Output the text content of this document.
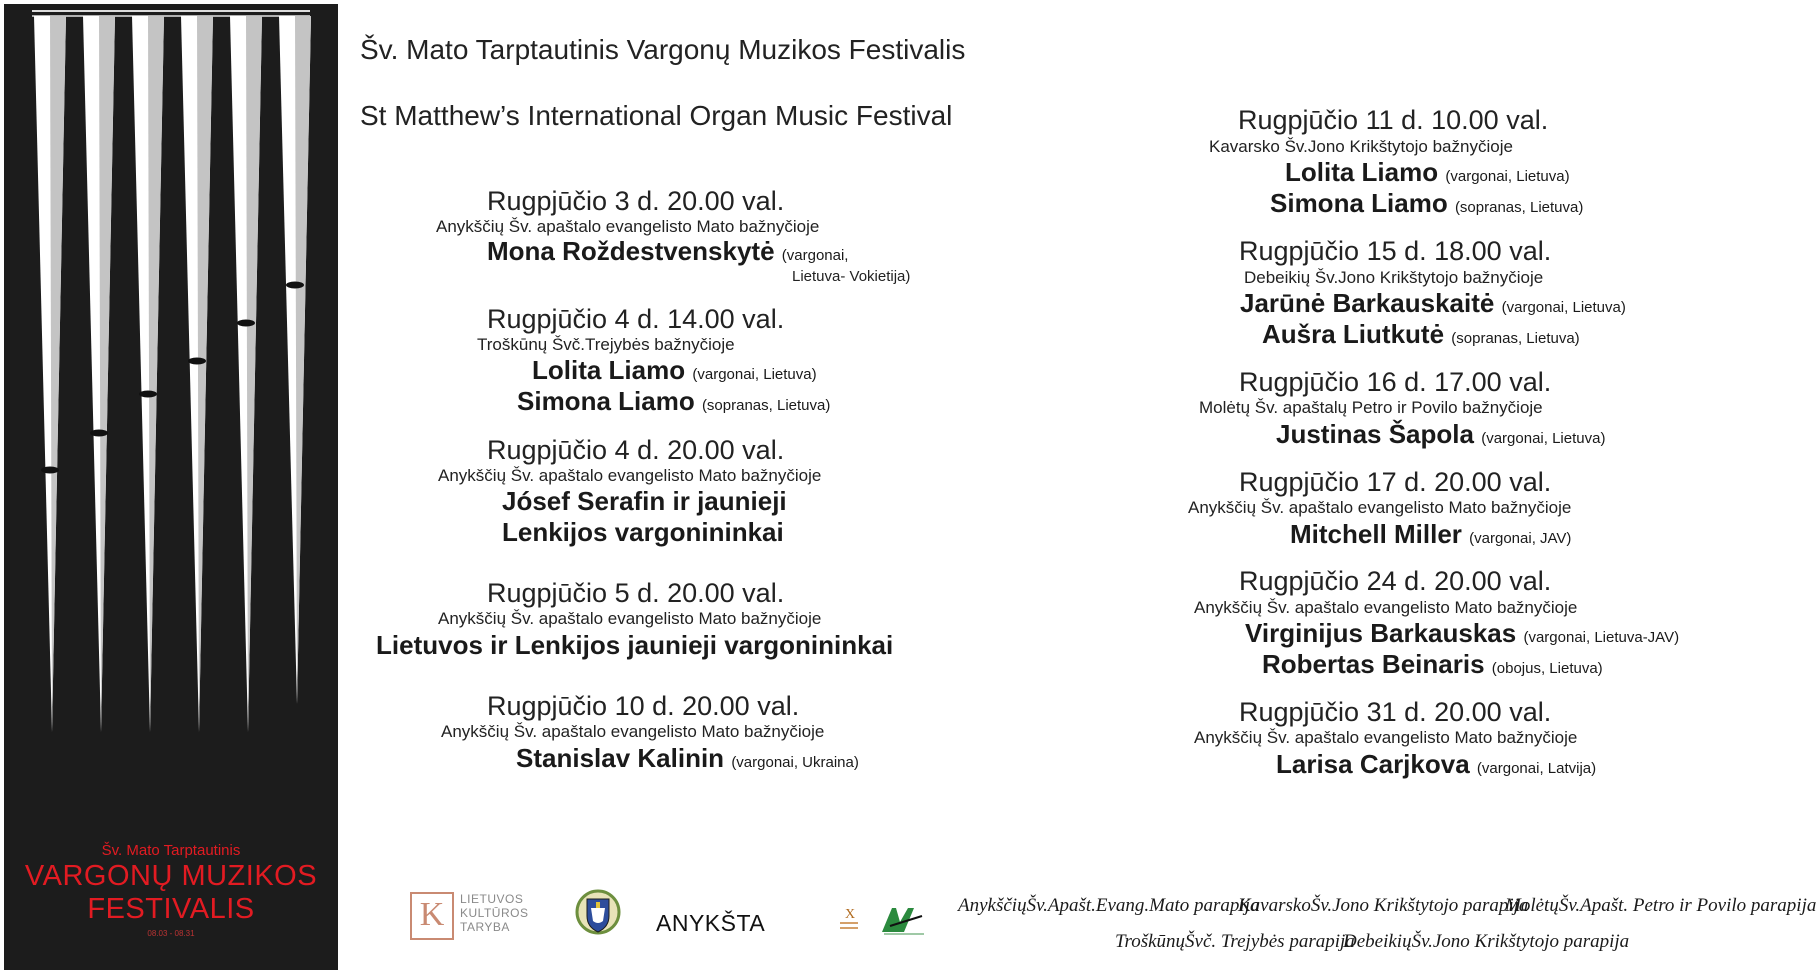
Šv. Mato Tarptautinis
VARGONŲ MUZIKOS
FESTIVALIS
08.03 - 08.31
Šv. Mato Tarptautinis Vargonų Muzikos Festivalis
St Matthew’s International Organ Music Festival
Rugpjūčio 3 d. 20.00 val.
Anykščių Šv. apaštalo evangelisto Mato bažnyčioje
Mona Roždestvenskytė (vargonai,
Lietuva- Vokietija)
Rugpjūčio 4 d. 14.00 val.
Troškūnų Švč.Trejybės bažnyčioje
Lolita Liamo (vargonai, Lietuva)
Simona Liamo (sopranas, Lietuva)
Rugpjūčio 4 d. 20.00 val.
Anykščių Šv. apaštalo evangelisto Mato bažnyčioje
Jósef Serafin ir jaunieji
Lenkijos vargonininkai
Rugpjūčio 5 d. 20.00 val.
Anykščių Šv. apaštalo evangelisto Mato bažnyčioje
Lietuvos ir Lenkijos jaunieji vargonininkai
Rugpjūčio 10 d. 20.00 val.
Anykščių Šv. apaštalo evangelisto Mato bažnyčioje
Stanislav Kalinin (vargonai, Ukraina)
Rugpjūčio 11 d. 10.00 val.
Kavarsko Šv.Jono Krikštytojo bažnyčioje
Lolita Liamo (vargonai, Lietuva)
Simona Liamo (sopranas, Lietuva)
Rugpjūčio 15 d. 18.00 val.
Debeikių Šv.Jono Krikštytojo bažnyčioje
Jarūnė Barkauskaitė (vargonai, Lietuva)
Aušra Liutkutė (sopranas, Lietuva)
Rugpjūčio 16 d. 17.00 val.
Molėtų Šv. apaštalų Petro ir Povilo bažnyčioje
Justinas Šapola (vargonai, Lietuva)
Rugpjūčio 17 d. 20.00 val.
Anykščių Šv. apaštalo evangelisto Mato bažnyčioje
Mitchell Miller (vargonai, JAV)
Rugpjūčio 24 d. 20.00 val.
Anykščių Šv. apaštalo evangelisto Mato bažnyčioje
Virginijus Barkauskas (vargonai, Lietuva-JAV)
Robertas Beinaris (obojus, Lietuva)
Rugpjūčio 31 d. 20.00 val.
Anykščių Šv. apaštalo evangelisto Mato bažnyčioje
Larisa Carjkova (vargonai, Latvija)
K	LIETUVOS
KULTŪROS
TARYBA	ANYKŠTA	X	AnykščiųŠv.Apašt.Evang.Mato parapija
KavarskoŠv.Jono Krikštytojo parapija
MolėtųŠv.Apašt. Petro ir Povilo parapija
TroškūnųŠvč. Trejybės parapija
DebeikiųŠv.Jono Krikštytojo parapija
